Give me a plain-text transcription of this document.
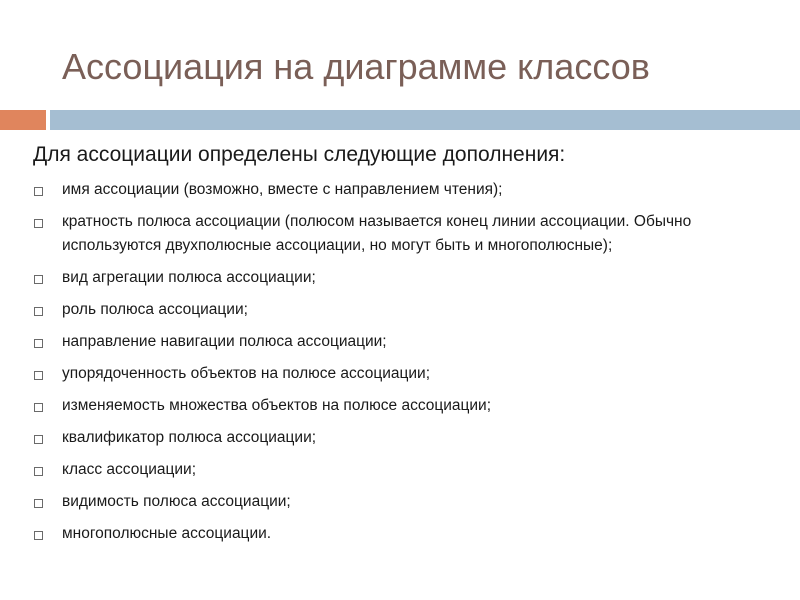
Ассоциация на диаграмме классов

Для ассоциации определены следующие дополнения:

имя ассоциации (возможно, вместе с направлением чтения);
кратность полюса ассоциации (полюсом называется конец линии ассоциации. Обычно используются двухполюсные ассоциации, но могут быть и многополюсные);
вид агрегации полюса ассоциации;
роль полюса ассоциации;
направление навигации полюса ассоциации;
упорядоченность объектов на полюсе ассоциации;
изменяемость множества объектов на полюсе ассоциации;
квалификатор полюса ассоциации;
класс ассоциации;
видимость полюса ассоциации;
многополюсные ассоциации.
